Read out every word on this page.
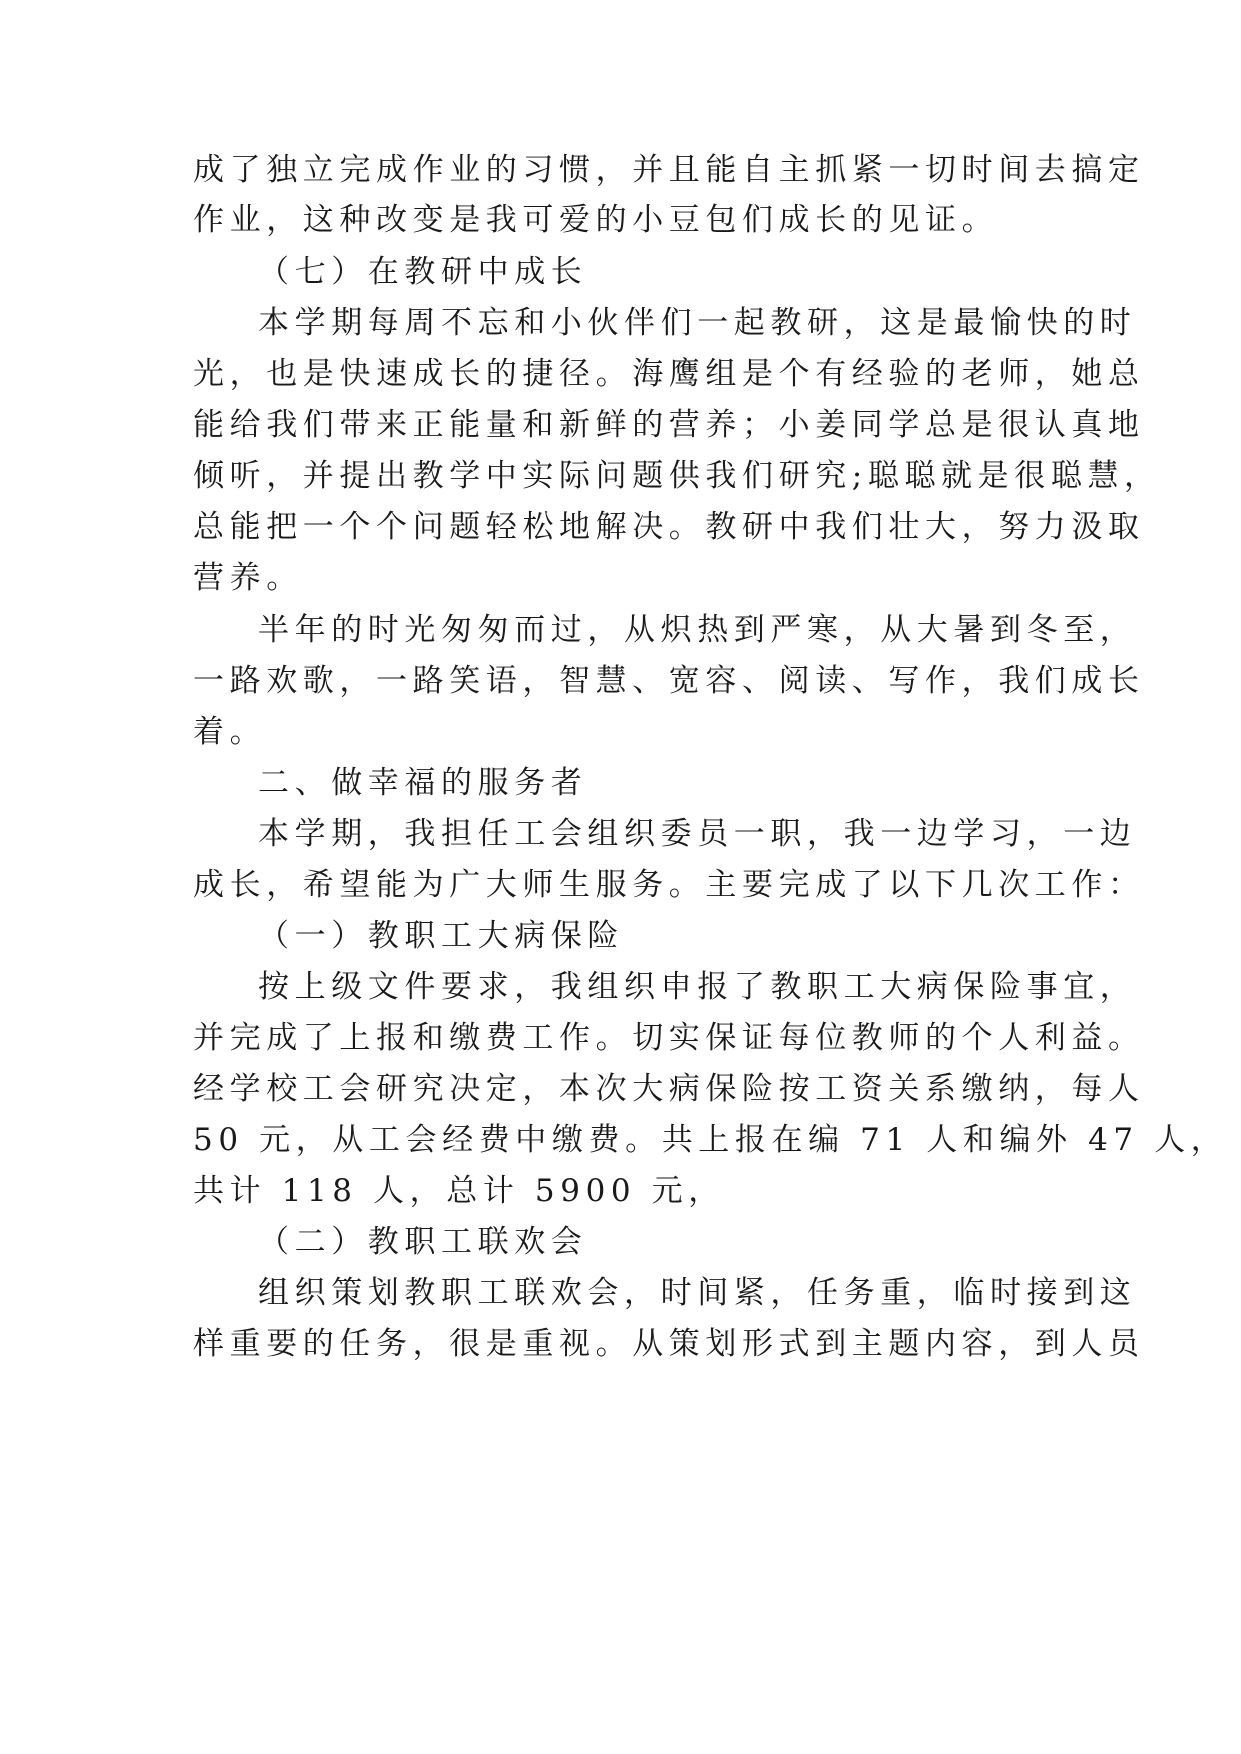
成了独立完成作业的习惯，并且能自主抓紧一切时间去搞定
作业，这种改变是我可爱的小豆包们成长的见证。
（七）在教研中成长
本学期每周不忘和小伙伴们一起教研，这是最愉快的时
光，也是快速成长的捷径。海鹰组是个有经验的老师，她总
能给我们带来正能量和新鲜的营养；小姜同学总是很认真地
倾听，并提出教学中实际问题供我们研究;聪聪就是很聪慧，
总能把一个个问题轻松地解决。教研中我们壮大，努力汲取
营养。
半年的时光匆匆而过，从炽热到严寒，从大暑到冬至，
一路欢歌，一路笑语，智慧、宽容、阅读、写作，我们成长
着。
二、做幸福的服务者
本学期，我担任工会组织委员一职，我一边学习，一边
成长，希望能为广大师生服务。主要完成了以下几次工作：
（一）教职工大病保险
按上级文件要求，我组织申报了教职工大病保险事宜，
并完成了上报和缴费工作。切实保证每位教师的个人利益。
经学校工会研究决定，本次大病保险按工资关系缴纳，每人
50 元，从工会经费中缴费。共上报在编 71 人和编外 47 人，
共计 118 人，总计 5900 元，
（二）教职工联欢会
组织策划教职工联欢会，时间紧，任务重，临时接到这
样重要的任务，很是重视。从策划形式到主题内容，到人员
